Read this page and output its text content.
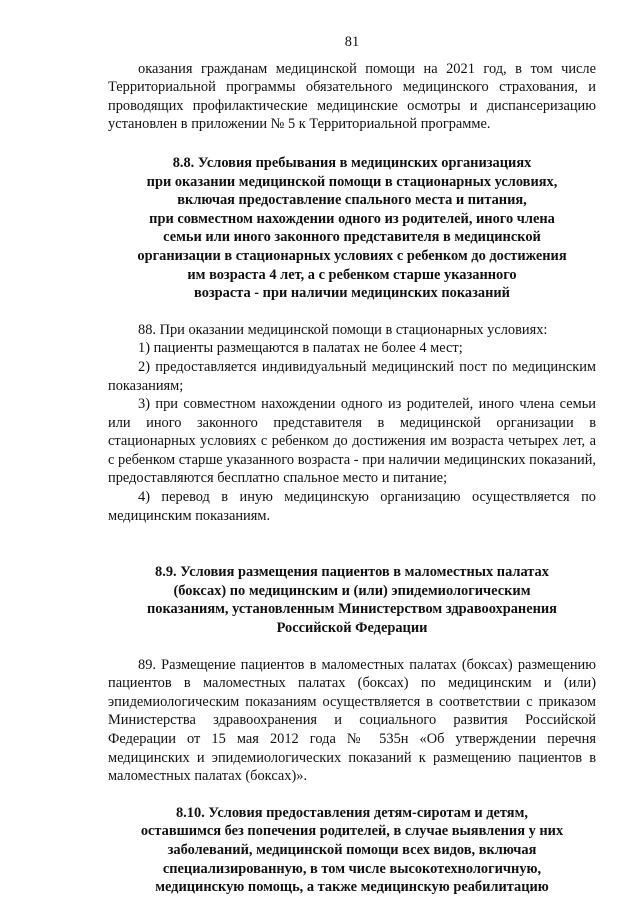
81

оказания гражданам медицинской помощи на 2021 год, в том числе Территориальной программы обязательного медицинского страхования, и проводящих профилактические медицинские осмотры и диспансеризацию установлен в приложении № 5 к Территориальной программе.

8.8. Условия пребывания в медицинских организациях
при оказании медицинской помощи в стационарных условиях,
включая предоставление спального места и питания,
при совместном нахождении одного из родителей, иного члена
семьи или иного законного представителя в медицинской
организации в стационарных условиях с ребенком до достижения
им возраста 4 лет, а с ребенком старше указанного
возраста - при наличии медицинских показаний

88. При оказании медицинской помощи в стационарных условиях:

1) пациенты размещаются в палатах не более 4 мест;

2) предоставляется индивидуальный медицинский пост по медицинским показаниям;

3) при совместном нахождении одного из родителей, иного члена семьи или иного законного представителя в медицинской организации в стационарных условиях с ребенком до достижения им возраста четырех лет, а с ребенком старше указанного возраста - при наличии медицинских показаний, предоставляются бесплатно спальное место и питание;

4) перевод в иную медицинскую организацию осуществляется по медицинским показаниям.

8.9. Условия размещения пациентов в маломестных палатах
(боксах) по медицинским и (или) эпидемиологическим
показаниям, установленным Министерством здравоохранения
Российской Федерации

89. Размещение пациентов в маломестных палатах (боксах) размещению пациентов в маломестных палатах (боксах) по медицинским и (или) эпидемиологическим показаниям осуществляется в соответствии с приказом Министерства здравоохранения и социального развития Российской Федерации от 15 мая 2012 года № 535н «Об утверждении перечня медицинских и эпидемиологических показаний к размещению пациентов в маломестных палатах (боксах)».

8.10. Условия предоставления детям-сиротам и детям,
оставшимся без попечения родителей, в случае выявления у них
заболеваний, медицинской помощи всех видов, включая
специализированную, в том числе высокотехнологичную,
медицинскую помощь, а также медицинскую реабилитацию
